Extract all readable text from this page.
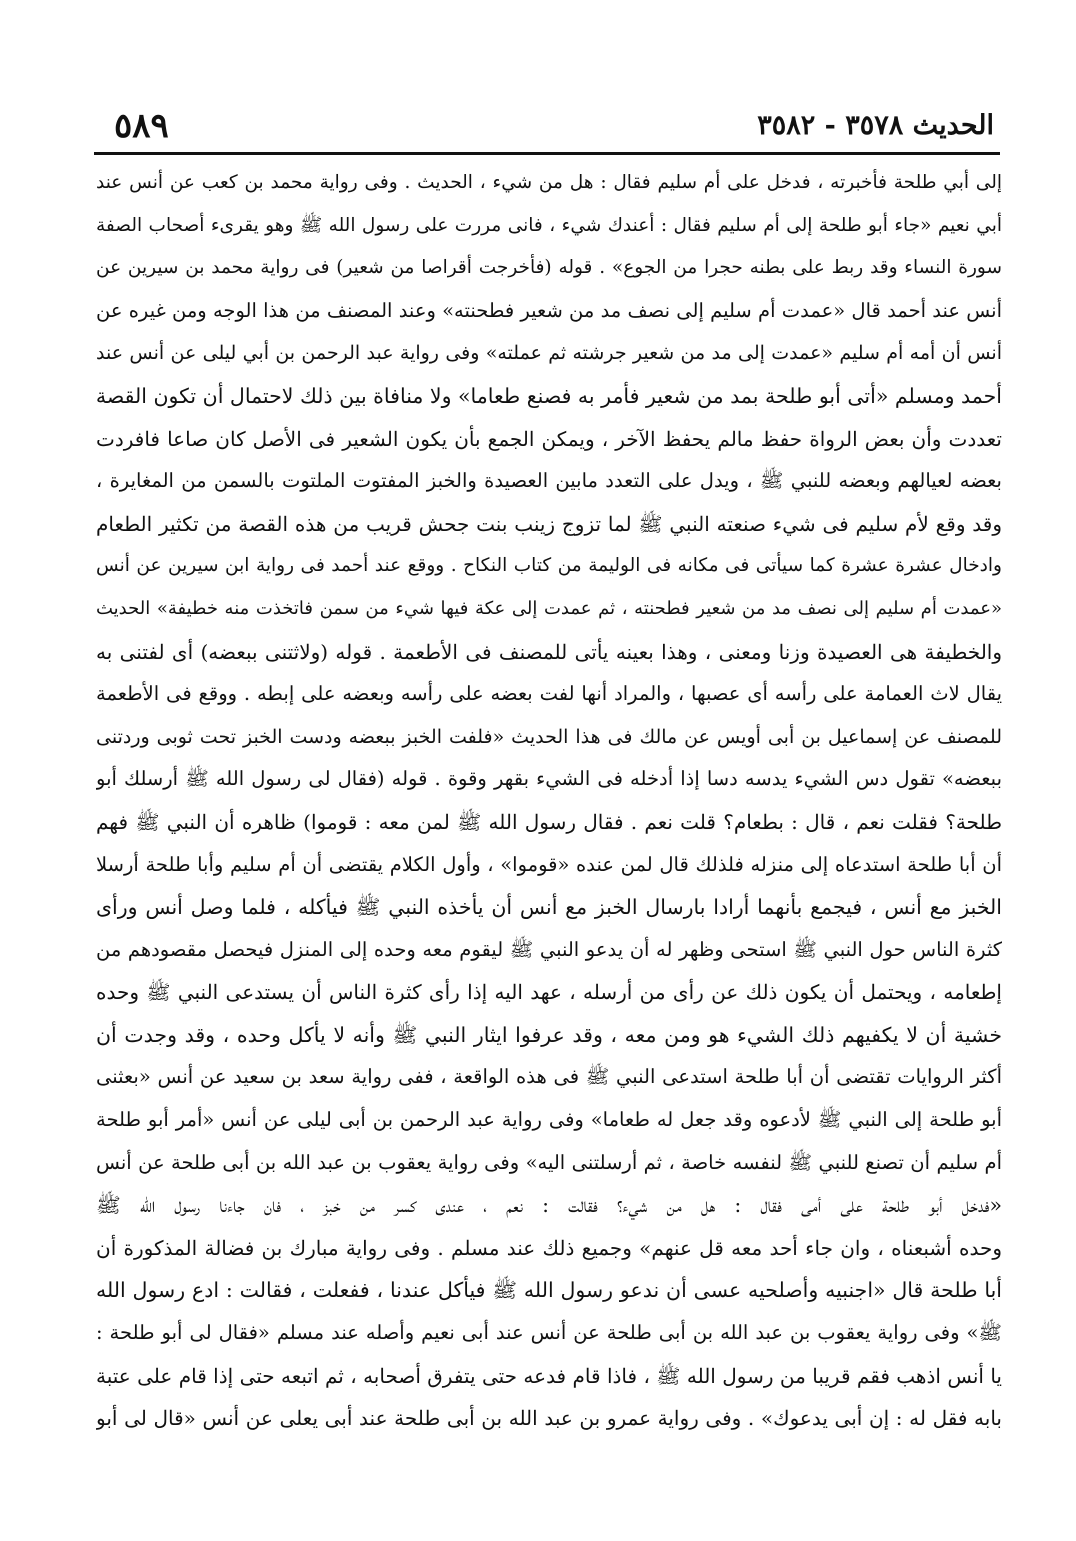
٥٨٩	الحديث ٣٥٧٨ - ٣٥٨٢
إلى أبي طلحة فأخبرته ، فدخل على أم سليم فقال : هل من شيء ، الحديث . وفى رواية محمد بن كعب عن أنس عند
أبي نعيم «جاء أبو طلحة إلى أم سليم فقال : أعندك شيء ، فانى مررت على رسول الله ﷺ وهو يقرىء أصحاب الصفة
سورة النساء وقد ربط على بطنه حجرا من الجوع» . قوله (فأخرجت أقراصا من شعير) فى رواية محمد بن سيرين عن
أنس عند أحمد قال «عمدت أم سليم إلى نصف مد من شعير فطحنته» وعند المصنف من هذا الوجه ومن غيره عن
أنس أن أمه أم سليم «عمدت إلى مد من شعير جرشته ثم عملته» وفى رواية عبد الرحمن بن أبي ليلى عن أنس عند
أحمد ومسلم «أتى أبو طلحة بمد من شعير فأمر به فصنع طعاما» ولا منافاة بين ذلك لاحتمال أن تكون القصة
تعددت وأن بعض الرواة حفظ مالم يحفظ الآخر ، ويمكن الجمع بأن يكون الشعير فى الأصل كان صاعا فافردت
بعضه لعيالهم وبعضه للنبي ﷺ ، ويدل على التعدد مابين العصيدة والخبز المفتوت الملتوت بالسمن من المغايرة ،
وقد وقع لأم سليم فى شيء صنعته النبي ﷺ لما تزوج زينب بنت جحش قريب من هذه القصة من تكثير الطعام
وادخال عشرة عشرة كما سيأتى فى مكانه فى الوليمة من كتاب النكاح . ووقع عند أحمد فى رواية ابن سيرين عن أنس
«عمدت أم سليم إلى نصف مد من شعير فطحنته ، ثم عمدت إلى عكة فيها شيء من سمن فاتخذت منه خطيفة» الحديث
والخطيفة هى العصيدة وزنا ومعنى ، وهذا بعينه يأتى للمصنف فى الأطعمة . قوله (ولاثتنى ببعضه) أى لفتنى به
يقال لاث العمامة على رأسه أى عصبها ، والمراد أنها لفت بعضه على رأسه وبعضه على إبطه . ووقع فى الأطعمة
للمصنف عن إسماعيل بن أبى أويس عن مالك فى هذا الحديث «فلفت الخبز ببعضه ودست الخبز تحت ثوبى وردتنى
ببعضه» تقول دس الشيء يدسه دسا إذا أدخله فى الشيء بقهر وقوة . قوله (فقال لى رسول الله ﷺ أرسلك أبو
طلحة؟ فقلت نعم ، قال : بطعام؟ قلت نعم . فقال رسول الله ﷺ لمن معه : قوموا) ظاهره أن النبي ﷺ فهم
أن أبا طلحة استدعاه إلى منزله فلذلك قال لمن عنده «قوموا» ، وأول الكلام يقتضى أن أم سليم وأبا طلحة أرسلا
الخبز مع أنس ، فيجمع بأنهما أرادا بارسال الخبز مع أنس أن يأخذه النبي ﷺ فيأكله ، فلما وصل أنس ورأى
كثرة الناس حول النبي ﷺ استحى وظهر له أن يدعو النبي ﷺ ليقوم معه وحده إلى المنزل فيحصل مقصودهم من
إطعامه ، ويحتمل أن يكون ذلك عن رأى من أرسله ، عهد اليه إذا رأى كثرة الناس أن يستدعى النبي ﷺ وحده
خشية أن لا يكفيهم ذلك الشيء هو ومن معه ، وقد عرفوا ايثار النبي ﷺ وأنه لا يأكل وحده ، وقد وجدت أن
أكثر الروايات تقتضى أن أبا طلحة استدعى النبي ﷺ فى هذه الواقعة ، ففى رواية سعد بن سعيد عن أنس «بعثنى
أبو طلحة إلى النبي ﷺ لأدعوه وقد جعل له طعاما» وفى رواية عبد الرحمن بن أبى ليلى عن أنس «أمر أبو طلحة
أم سليم أن تصنع للنبي ﷺ لنفسه خاصة ، ثم أرسلتنى اليه» وفى رواية يعقوب بن عبد الله بن أبى طلحة عن أنس
«فدخل أبو طلحة على أمى فقال : هل من شيء؟ فقالت : نعم ، عندى كسر من خبز ، فان جاءنا رسول الله ﷺ
وحده أشبعناه ، وان جاء أحد معه قل عنهم» وجميع ذلك عند مسلم . وفى رواية مبارك بن فضالة المذكورة أن
أبا طلحة قال «اجنبيه وأصلحيه عسى أن ندعو رسول الله ﷺ فيأكل عندنا ، ففعلت ، فقالت : ادع رسول الله
ﷺ» وفى رواية يعقوب بن عبد الله بن أبى طلحة عن أنس عند أبى نعيم وأصله عند مسلم «فقال لى أبو طلحة :
يا أنس اذهب فقم قريبا من رسول الله ﷺ ، فاذا قام فدعه حتى يتفرق أصحابه ، ثم اتبعه حتى إذا قام على عتبة
بابه فقل له : إن أبى يدعوك» . وفى رواية عمرو بن عبد الله بن أبى طلحة عند أبى يعلى عن أنس «قال لى أبو
